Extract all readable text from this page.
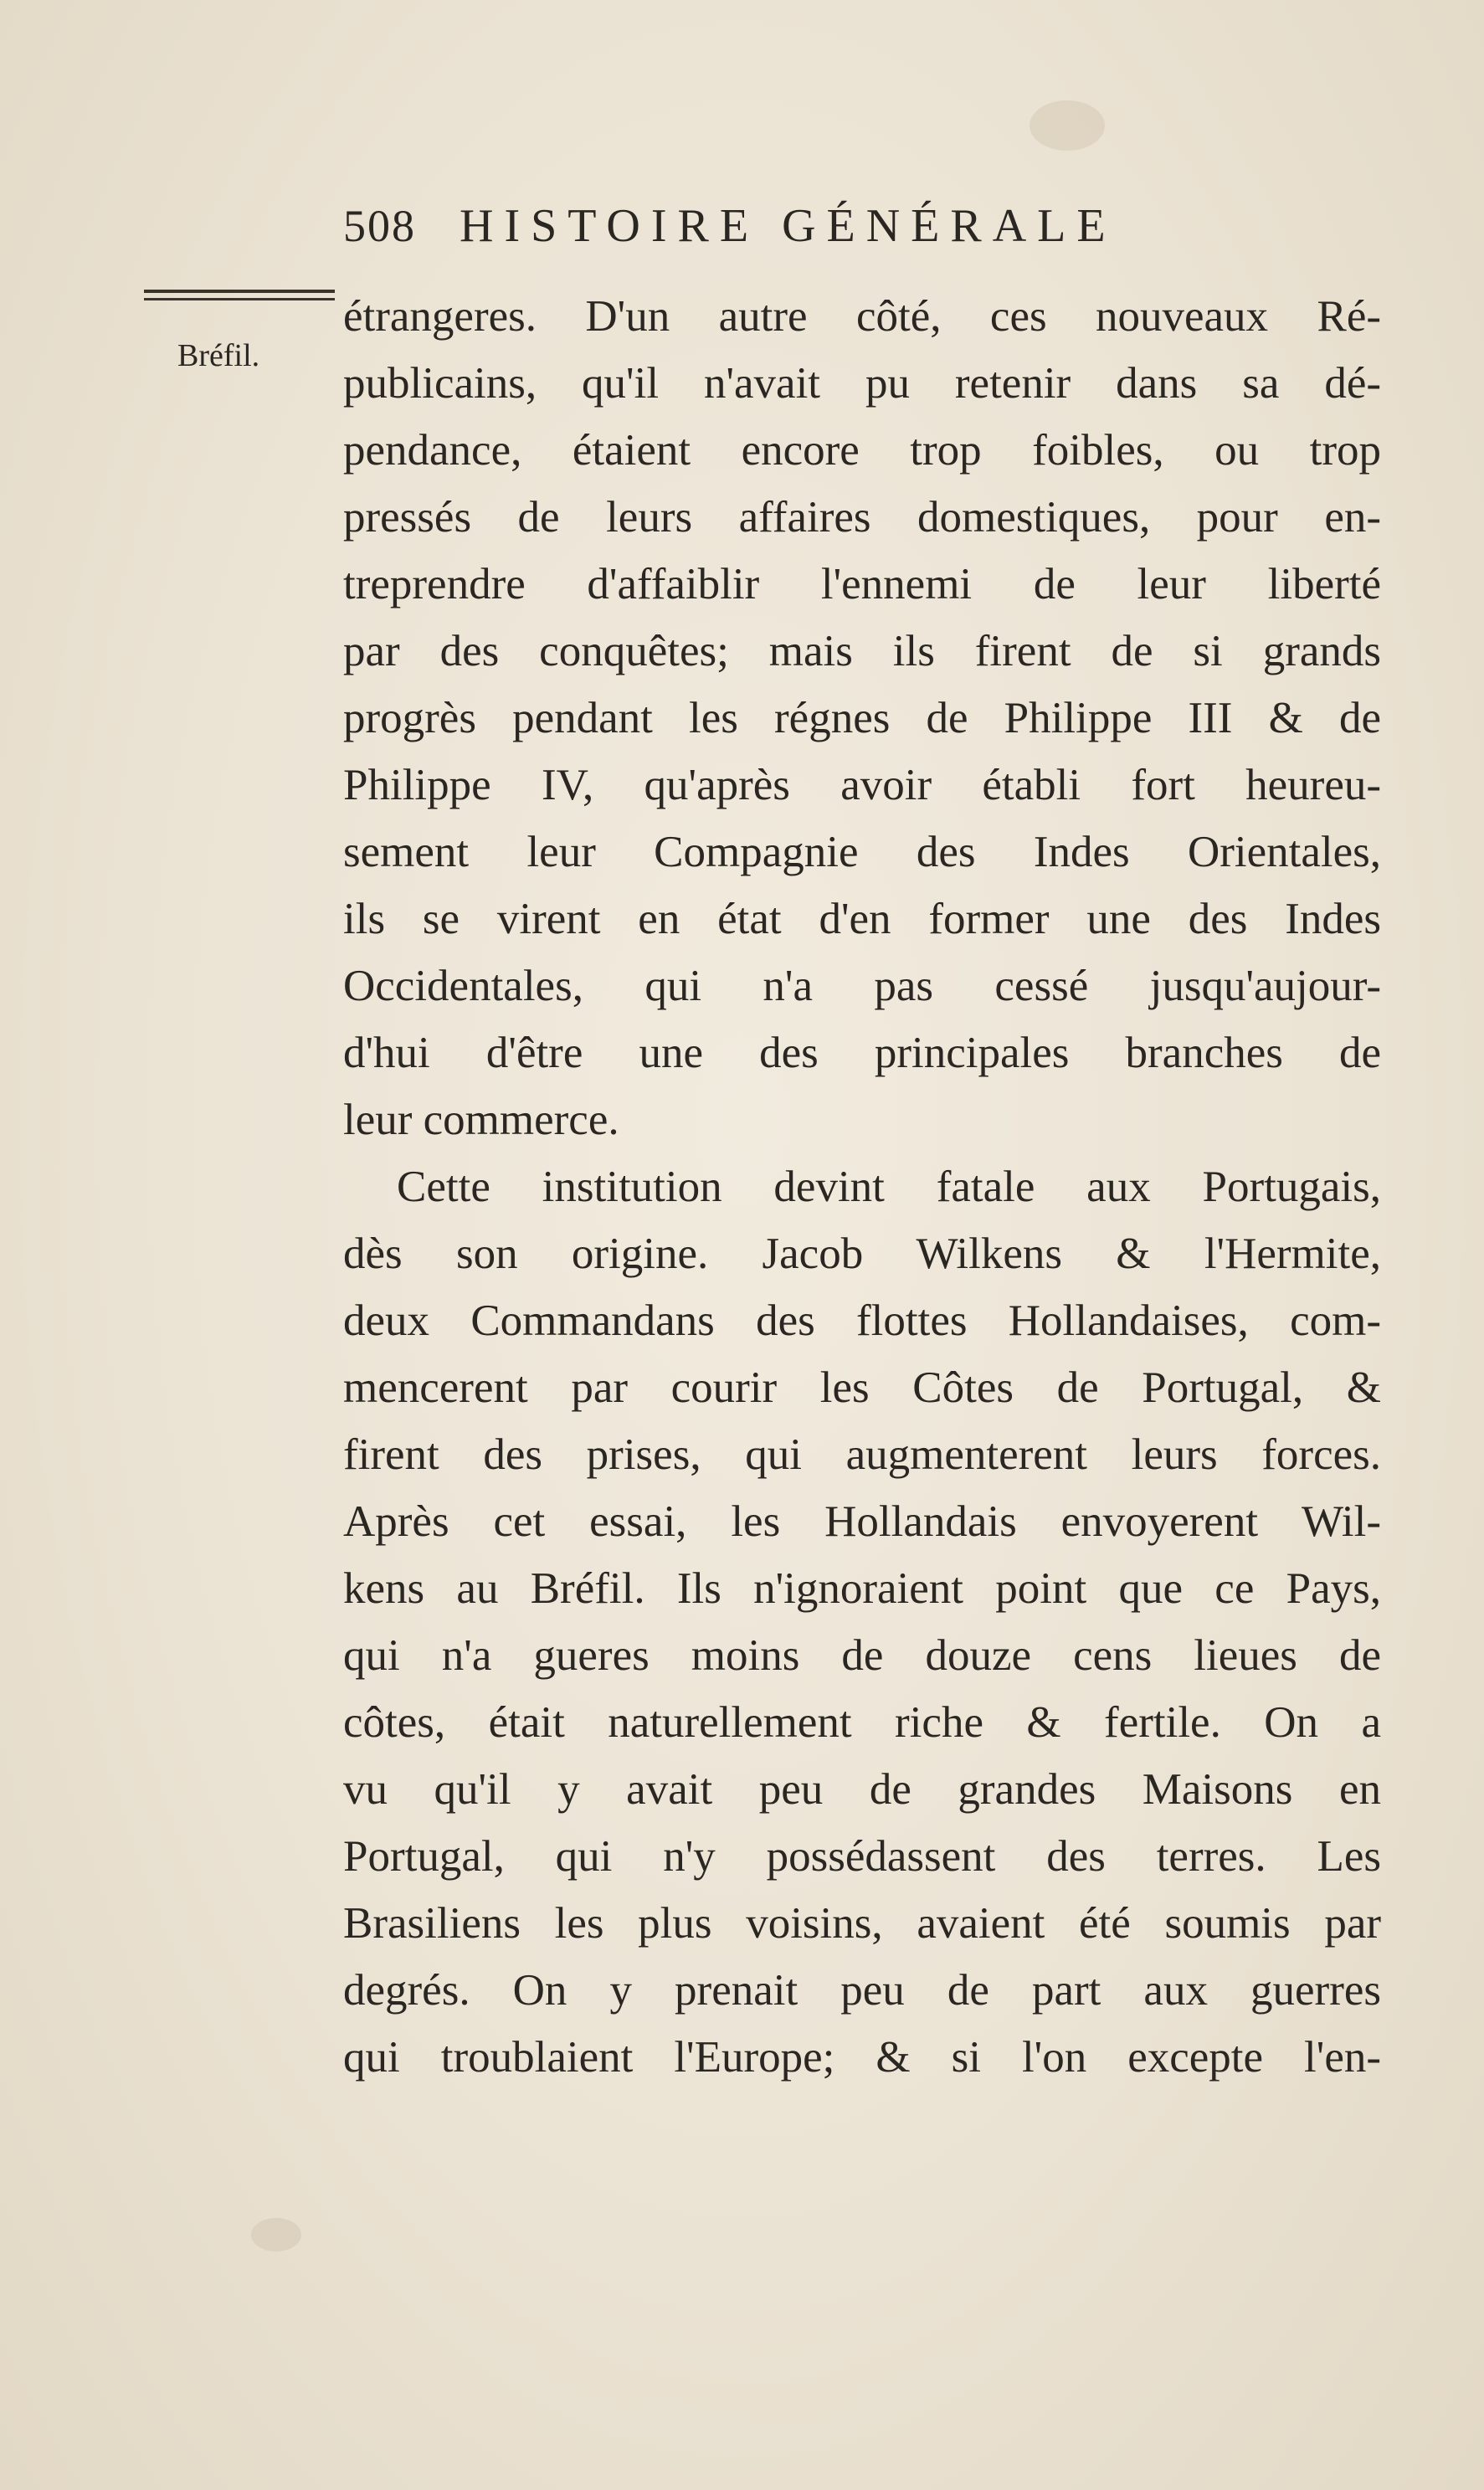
508 HISTOIRE GÉNÉRALE
Bréfil.
étrangeres. D'un autre côté, ces nouveaux Ré-
publicains, qu'il n'avait pu retenir dans sa dé-
pendance, étaient encore trop foibles, ou trop
pressés de leurs affaires domestiques, pour en-
treprendre d'affaiblir l'ennemi de leur liberté
par des conquêtes; mais ils firent de si grands
progrès pendant les régnes de Philippe III & de
Philippe IV, qu'après avoir établi fort heureu-
sement leur Compagnie des Indes Orientales,
ils se virent en état d'en former une des Indes
Occidentales, qui n'a pas cessé jusqu'aujour-
d'hui d'être une des principales branches de
leur commerce.
Cette institution devint fatale aux Portugais,
dès son origine. Jacob Wilkens & l'Hermite,
deux Commandans des flottes Hollandaises, com-
mencerent par courir les Côtes de Portugal, &
firent des prises, qui augmenterent leurs forces.
Après cet essai, les Hollandais envoyerent Wil-
kens au Bréfil. Ils n'ignoraient point que ce Pays,
qui n'a gueres moins de douze cens lieues de
côtes, était naturellement riche & fertile. On a
vu qu'il y avait peu de grandes Maisons en
Portugal, qui n'y possédassent des terres. Les
Brasiliens les plus voisins, avaient été soumis par
degrés. On y prenait peu de part aux guerres
qui troublaient l'Europe; & si l'on excepte l'en-
